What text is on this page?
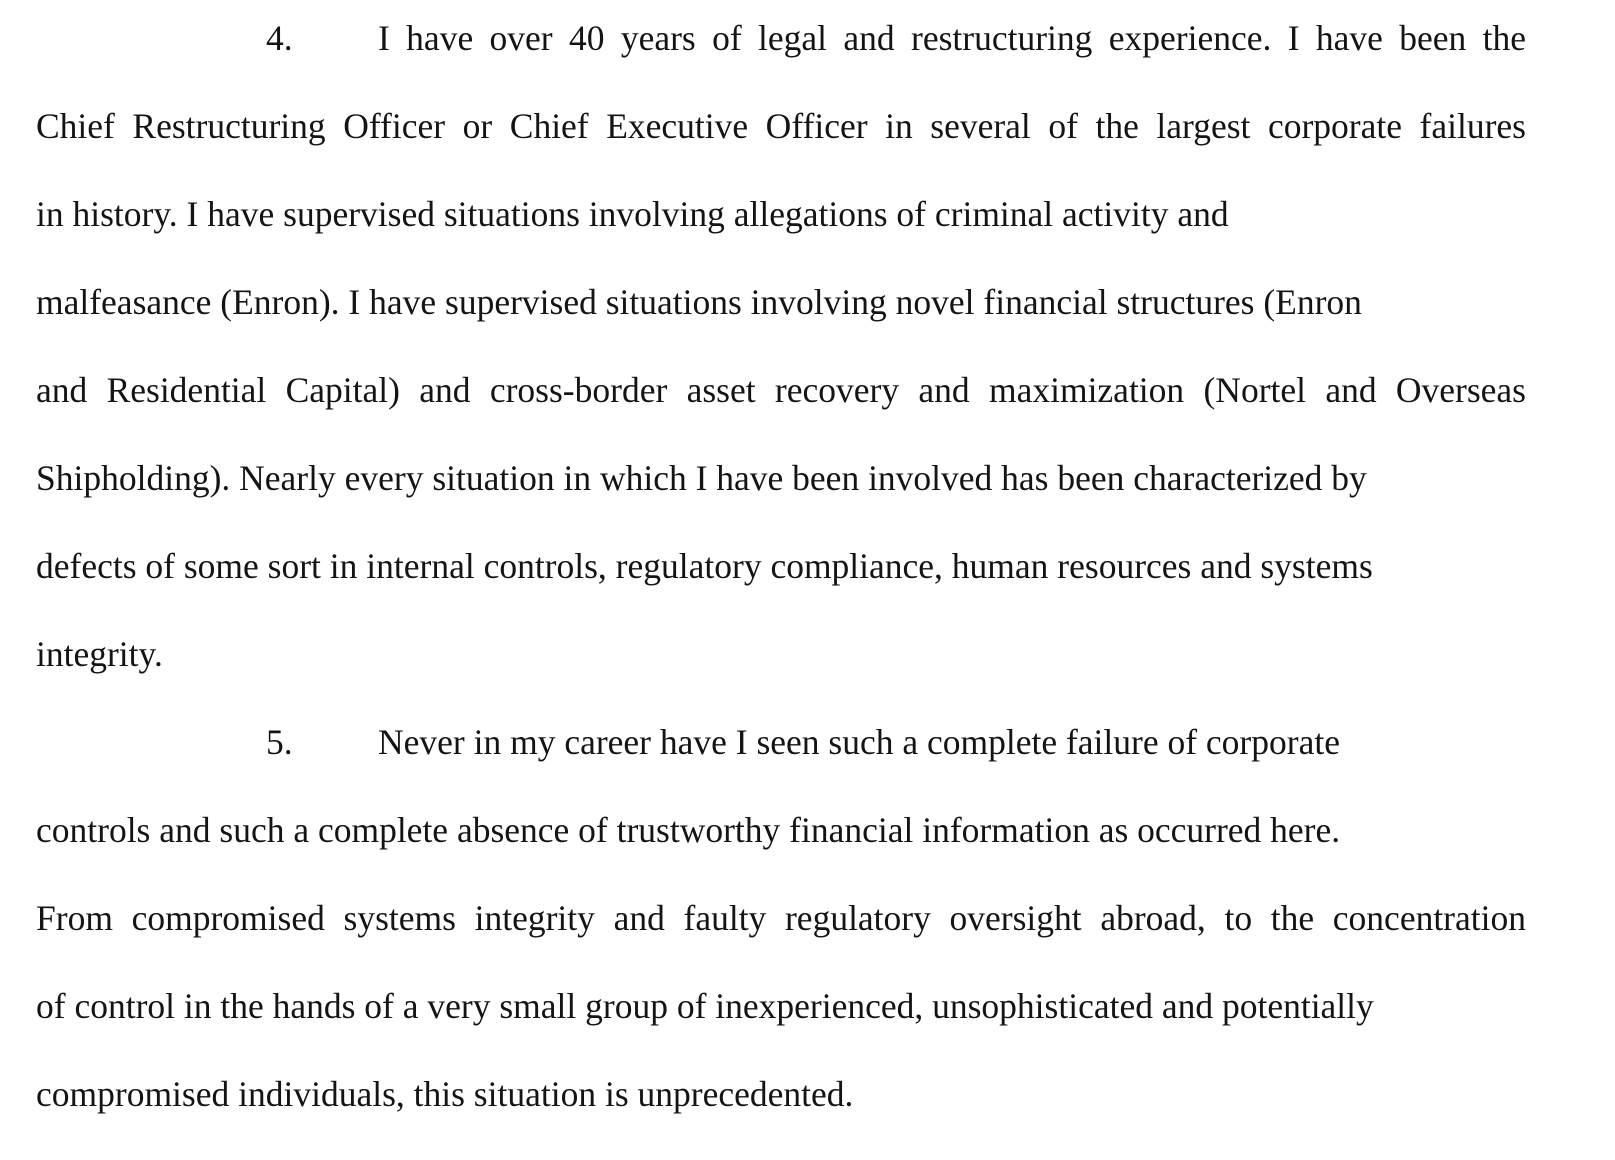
4. I have over 40 years of legal and restructuring experience. I have been the
Chief Restructuring Officer or Chief Executive Officer in several of the largest corporate failures
in history. I have supervised situations involving allegations of criminal activity and
malfeasance (Enron). I have supervised situations involving novel financial structures (Enron
and Residential Capital) and cross-border asset recovery and maximization (Nortel and Overseas
Shipholding). Nearly every situation in which I have been involved has been characterized by
defects of some sort in internal controls, regulatory compliance, human resources and systems
integrity.
5. Never in my career have I seen such a complete failure of corporate
controls and such a complete absence of trustworthy financial information as occurred here.
From compromised systems integrity and faulty regulatory oversight abroad, to the concentration
of control in the hands of a very small group of inexperienced, unsophisticated and potentially
compromised individuals, this situation is unprecedented.
